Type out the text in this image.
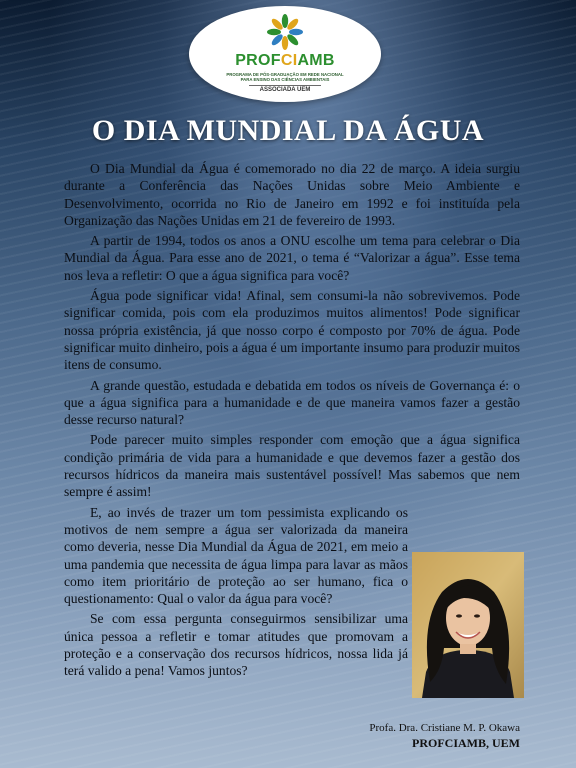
PROFCIAMB
PROGRAMA DE PÓS-GRADUAÇÃO EM REDE NACIONAL PARA ENSINO DAS CIÊNCIAS AMBIENTAIS
ASSOCIADA UEM
O DIA MUNDIAL DA ÁGUA

O Dia Mundial da Água é comemorado no dia 22 de março. A ideia surgiu durante a Conferência das Nações Unidas sobre Meio Ambiente e Desenvolvimento, ocorrida no Rio de Janeiro em 1992 e foi instituída pela Organização das Nações Unidas em 21 de fevereiro de 1993.

A partir de 1994, todos os anos a ONU escolhe um tema para celebrar o Dia Mundial da Água. Para esse ano de 2021, o tema é “Valorizar a água”. Esse tema nos leva a refletir: O que a água significa para você?

Água pode significar vida! Afinal, sem consumi-la não sobrevivemos. Pode significar comida, pois com ela produzimos muitos alimentos! Pode significar nossa própria existência, já que nosso corpo é composto por 70% de água. Pode significar muito dinheiro, pois a água é um importante insumo para produzir muitos itens de consumo.

A grande questão, estudada e debatida em todos os níveis de Governança é: o que a água significa para a humanidade e de que maneira vamos fazer a gestão desse recurso natural?

Pode parecer muito simples responder com emoção que a água significa condição primária de vida para a humanidade e que devemos fazer a gestão dos recursos hídricos da maneira mais sustentável possível! Mas sabemos que nem sempre é assim!

E, ao invés de trazer um tom pessimista explicando os motivos de nem sempre a água ser valorizada da maneira como deveria, nesse Dia Mundial da Água de 2021, em meio a uma pandemia que necessita de água limpa para lavar as mãos como item prioritário de proteção ao ser humano, fica o questionamento: Qual o valor da água para você?

Se com essa pergunta conseguirmos sensibilizar uma única pessoa a refletir e tomar atitudes que promovam a proteção e a conservação dos recursos hídricos, nossa lida já terá valido a pena! Vamos juntos?

Profa. Dra. Cristiane M. P. Okawa
PROFCIAMB, UEM
